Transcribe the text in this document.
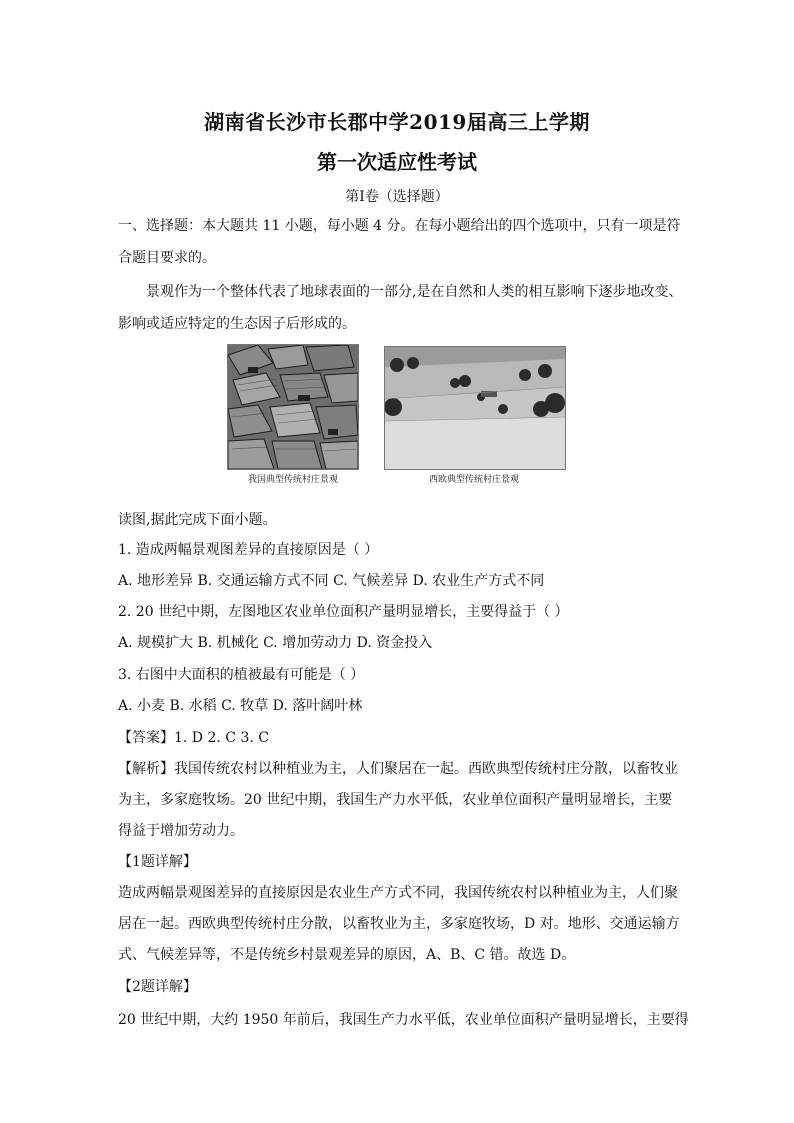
湖南省长沙市长郡中学2019届高三上学期
第一次适应性考试
第I卷（选择题）
一、选择题：本大题共 11 小题，每小题 4 分。在每小题给出的四个选项中，只有一项是符
合题目要求的。
景观作为一个整体代表了地球表面的一部分,是在自然和人类的相互影响下逐步地改变、
影响或适应特定的生态因子后形成的。
我国典型传统村庄景观	西欧典型传统村庄景观
读图,据此完成下面小题。
1. 造成两幅景观图差异的直接原因是（ ）
A. 地形差异 B. 交通运输方式不同 C. 气候差异 D. 农业生产方式不同
2. 20 世纪中期，左图地区农业单位面积产量明显增长，主要得益于（ ）
A. 规模扩大 B. 机械化 C. 增加劳动力 D. 资金投入
3. 右图中大面积的植被最有可能是（ ）
A. 小麦 B. 水稻 C. 牧草 D. 落叶阔叶林
【答案】1. D 2. C 3. C
【解析】我国传统农村以种植业为主，人们聚居在一起。西欧典型传统村庄分散，以畜牧业
为主，多家庭牧场。20 世纪中期，我国生产力水平低，农业单位面积产量明显增长，主要
得益于增加劳动力。
【1题详解】
造成两幅景观图差异的直接原因是农业生产方式不同，我国传统农村以种植业为主，人们聚
居在一起。西欧典型传统村庄分散，以畜牧业为主，多家庭牧场，D 对。地形、交通运输方
式、气候差异等，不是传统乡村景观差异的原因，A、B、C 错。故选 D。
【2题详解】
20 世纪中期，大约 1950 年前后，我国生产力水平低，农业单位面积产量明显增长，主要得
